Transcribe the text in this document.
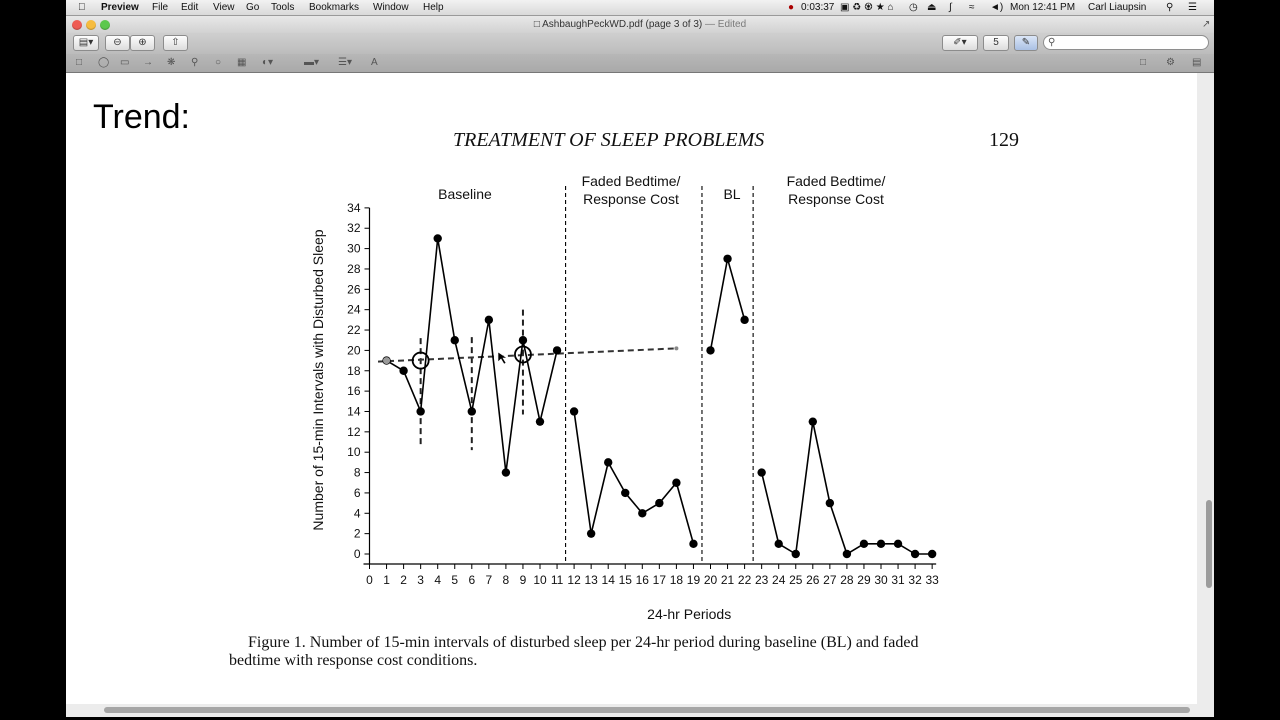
Preview File Edit View Go Tools Bookmarks Window Help	● 0:03:37 ▣ ♻ ♼ ★ ⌂ ◷ ⏏ ∫ ≈ ◄) Mon 12:41 PM Carl Liaupsin ⚲ ☰
□ AshbaughPeckWD.pdf (page 3 of 3) — Edited	↗
▤▾	⊖	⊕	⇧	✐▾	5	✎	⚲
□ ◯ ▭ → ❋ ⚲ ○ ▦ ◐▾	▬▾ ☰▾ A	□ ⚙ ▤
Trend:
TREATMENT OF SLEEP PROBLEMS	129
0
2
4
6
8
10
12
14
16
18
20
22
24
26
28
30
32
34
0 1 2 3 4 5 6 7 8 9 10 11 12 13 14 15 16 17 18 19 20 21 22 23 24 25 26 27 28 29 30 31 32 33
24-hr Periods
Number of 15-min Intervals with Disturbed Sleep
Baseline
Faded Bedtime/
Response Cost	BL
Faded Bedtime/
Response Cost
Figure 1. Number of 15-min intervals of disturbed sleep per 24-hr period during baseline (BL) and faded
bedtime with response cost conditions.
